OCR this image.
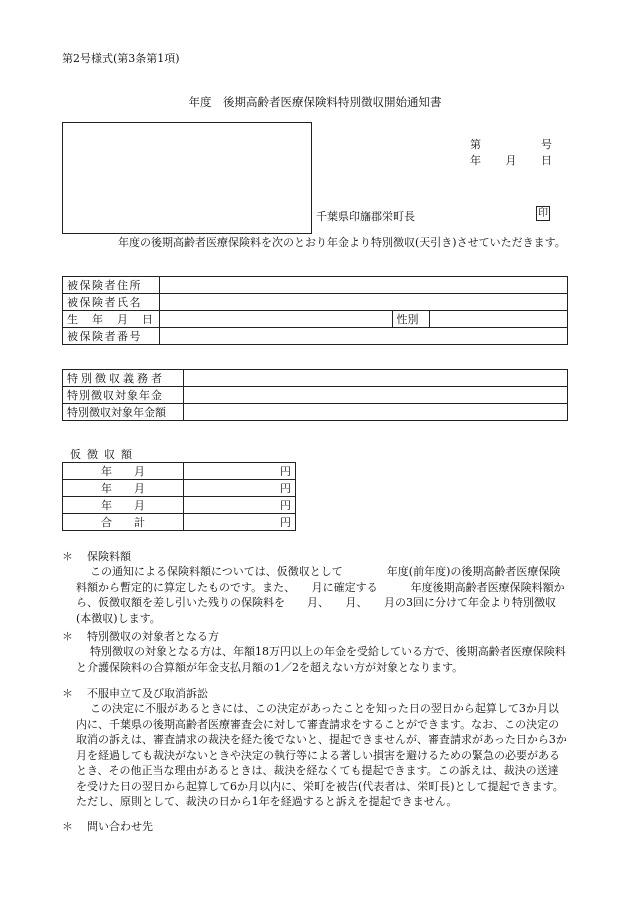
第2号様式(第3条第1項)
年度　後期高齢者医療保険料特別徴収開始通知書
第	号
年 月 日
千葉県印旛郡栄町長	印
年度の後期高齢者医療保険料を次のとおり年金より特別徴収(天引き)させていただきます。
被保険者住所			
被保険者氏名			
生　年　月　日		性別	
被保険者番号			
特別徴収義務者	
特別徴収対象年金	
特別徴収対象年金額	
仮徴収額
年　　月	円
年　　月	円
年　　月	円
合　　計	円
＊ 保険料額
この通知による保険料額については、仮徴収として　　　　年度(前年度)の後期高齢者医療保険料額から暫定的に算定したものです。また、　　月に確定する　　　年度後期高齢者医療保険料額から、仮徴収額を差し引いた残りの保険料を　　月、　　月、　　月の3回に分けて年金より特別徴収(本徴収)します。
＊ 特別徴収の対象者となる方
特別徴収の対象となる方は、年額18万円以上の年金を受給している方で、後期高齢者医療保険料と介護保険料の合算額が年金支払月額の1／2を超えない方が対象となります。
＊ 不服申立て及び取消訴訟
この決定に不服があるときには、この決定があったことを知った日の翌日から起算して3か月以内に、千葉県の後期高齢者医療審査会に対して審査請求をすることができます。なお、この決定の取消の訴えは、審査請求の裁決を経た後でないと、提起できませんが、審査請求があった日から3か月を経過しても裁決がないときや決定の執行等による著しい損害を避けるための緊急の必要があるとき、その他正当な理由があるときは、裁決を経なくても提起できます。この訴えは、裁決の送達を受けた日の翌日から起算して6か月以内に、栄町を被告(代表者は、栄町長)として提起できます。ただし、原則として、裁決の日から1年を経過すると訴えを提起できません。
＊ 問い合わせ先
